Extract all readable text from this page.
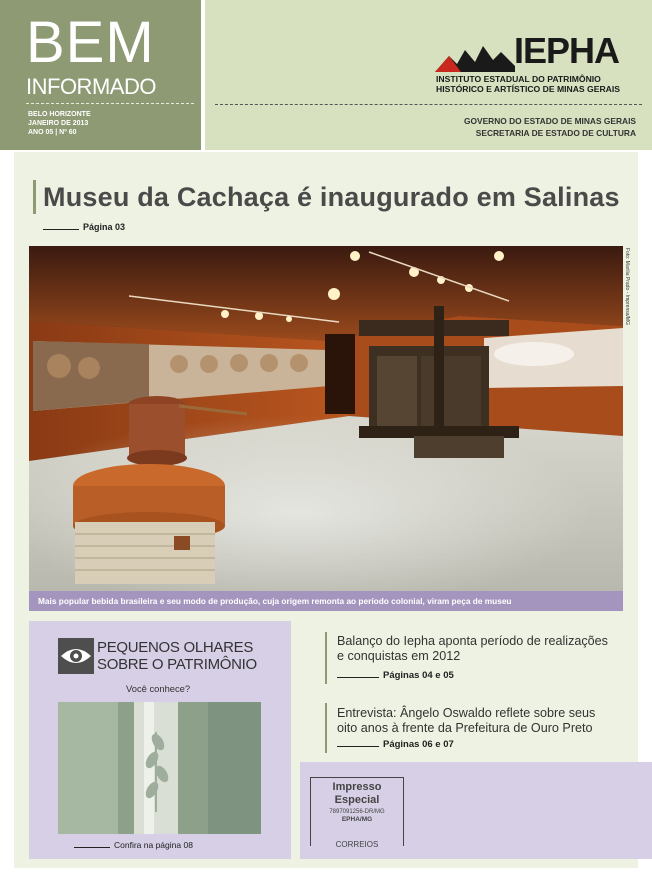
BEM
INFORMADO
BELO HORIZONTE
JANEIRO DE 2013
ANO 05 | Nº 60
IEPHA
INSTITUTO ESTADUAL DO PATRIMÔNIO
HISTÓRICO E ARTÍSTICO DE MINAS GERAIS
GOVERNO DO ESTADO DE MINAS GERAIS
SECRETARIA DE ESTADO DE CULTURA
Museu da Cachaça é inaugurado em Salinas
Página 03
Foto: Marilia Prado - Imprensa/MG
Mais popular bebida brasileira e seu modo de produção, cuja origem remonta ao período colonial, viram peça de museu
PEQUENOS OLHARES
SOBRE O PATRIMÔNIO
Você conhece?
Confira na página 08
Balanço do Iepha aponta período de realizações
e conquistas em 2012
Páginas 04 e 05
Entrevista: Ângelo Oswaldo reflete sobre seus
oito anos à frente da Prefeitura de Ouro Preto
Páginas 06 e 07
Impresso
Especial
7897091256-DR/MG
EPHA/MG
CORREIOS
